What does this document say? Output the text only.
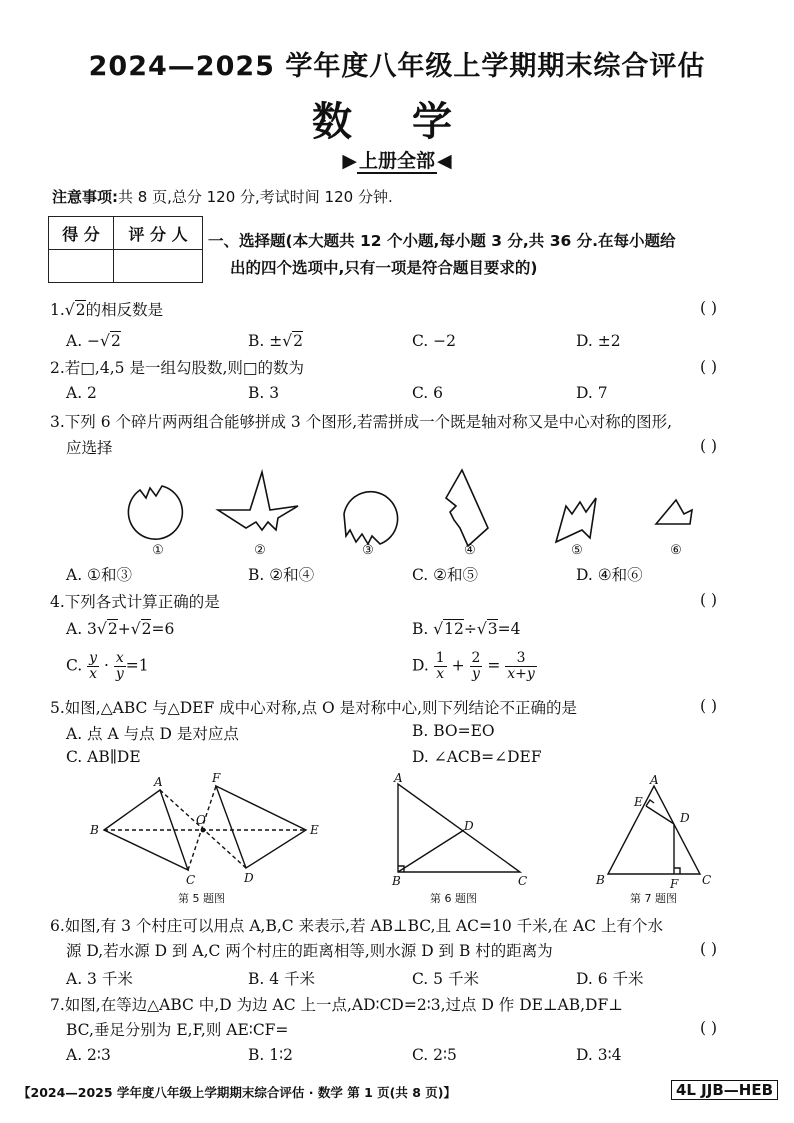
2024—2025 学年度八年级上学期期末综合评估
数学
▶ 上册全部 ◀
注意事项:共 8 页,总分 120 分,考试时间 120 分钟.
得 分	评 分 人
	一、选择题(本大题共 12 个小题,每小题 3 分,共 36 分.在每小题给
出的四个选项中,只有一项是符合题目要求的)
1.√2的相反数是	( )
A. −√2	B. ±√2	C. −2	D. ±2
2.若□,4,5 是一组勾股数,则□的数为	( )
A. 2	B. 3	C. 6	D. 7
3.下列 6 个碎片两两组合能够拼成 3 个图形,若需拼成一个既是轴对称又是中心对称的图形,
应选择	( )
①	②	③	④	⑤	⑥
A. ①和③	B. ②和④	C. ②和⑤	D. ④和⑥
4.下列各式计算正确的是	( )
A. 3√2+√2=6	B. √12÷√3=4
C. $\frac{y}{x} \cdot \frac{x}{y} =1$	D. $\frac{1}{x} + \frac{2}{y} = \frac{3}{x+y}$
5.如图,△ABC 与△DEF 成中心对称,点 O 是对称中心,则下列结论不正确的是	( )
A. 点 A 与点 D 是对应点	B. BO=EO
C. AB∥DE	D. ∠ACB=∠DEF
A
B
C	D
E
F
O
第 5 题图
A
B	C
D
第 6 题图
A
B	C
D
E
F
第 7 题图
6.如图,有 3 个村庄可以用点 A,B,C 来表示,若 AB⊥BC,且 AC=10 千米,在 AC 上有个水
源 D,若水源 D 到 A,C 两个村庄的距离相等,则水源 D 到 B 村的距离为	( )
A. 3 千米	B. 4 千米	C. 5 千米	D. 6 千米
7.如图,在等边△ABC 中,D 为边 AC 上一点,AD∶CD=2∶3,过点 D 作 DE⊥AB,DF⊥
BC,垂足分别为 E,F,则 AE∶CF=	( )
A. 2∶3	B. 1∶2	C. 2∶5	D. 3∶4
【2024—2025 学年度八年级上学期期末综合评估 · 数学 第 1 页(共 8 页)】	4L JJB—HEB
